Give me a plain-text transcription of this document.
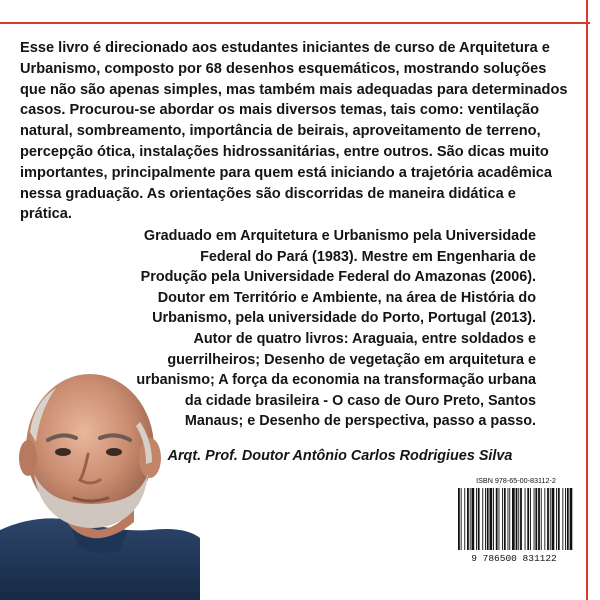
Esse livro é direcionado aos estudantes iniciantes de curso de Arquitetura e Urbanismo, composto por 68 desenhos esquemáticos, mostrando soluções que não são apenas simples, mas também mais adequadas para determinados casos. Procurou-se abordar os mais diversos temas, tais como: ventilação natural, sombreamento, importância de beirais, aproveitamento de terreno, percepção ótica, instalações hidrossanitárias, entre outros. São dicas muito importantes, principalmente para quem está iniciando a trajetória acadêmica nessa graduação. As orientações são discorridas de maneira didática e prática.

Graduado em Arquitetura e Urbanismo pela Universidade Federal do Pará (1983). Mestre em Engenharia de Produção pela Universidade Federal do Amazonas (2006). Doutor em Território e Ambiente, na área de História do Urbanismo, pela universidade do Porto, Portugal (2013). Autor de quatro livros: Araguaia, entre soldados e guerrilheiros; Desenho de vegetação em arquitetura e urbanismo; A força da economia na transformação urbana da cidade brasileira - O caso de Ouro Preto, Santos Manaus; e Desenho de perspectiva, passo a passo.

Arqt. Prof. Doutor Antônio Carlos Rodrigiues Silva

ISBN 978-65-00-83112-2
9 786500 831122
